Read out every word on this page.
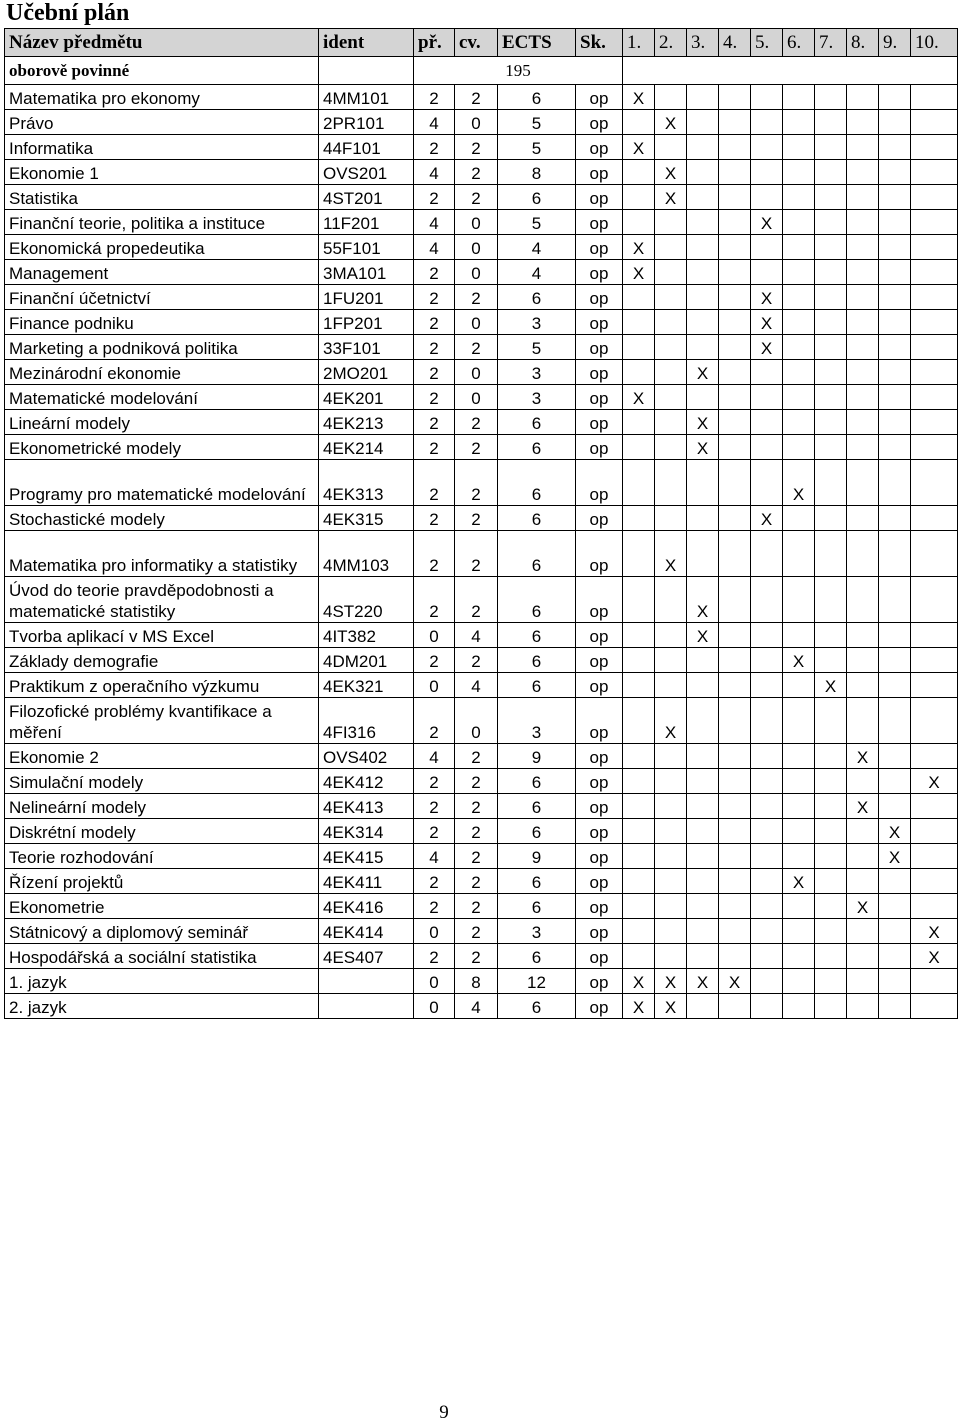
Učební plán
Název předmětu	ident	př.	cv.	ECTS	Sk.	1.	2.	3.	4.	5.	6.	7.	8.	9.	10.
oborově povinné		195													
Matematika pro ekonomy	4MM101	2	2	6	op	X									
Právo	2PR101	4	0	5	op		X								
Informatika	44F101	2	2	5	op	X									
Ekonomie 1	OVS201	4	2	8	op		X								
Statistika	4ST201	2	2	6	op		X								
Finanční teorie, politika a instituce	11F201	4	0	5	op					X					
Ekonomická propedeutika	55F101	4	0	4	op	X									
Management	3MA101	2	0	4	op	X									
Finanční účetnictví	1FU201	2	2	6	op					X					
Finance podniku	1FP201	2	0	3	op					X					
Marketing a podniková politika	33F101	2	2	5	op					X					
Mezinárodní ekonomie	2MO201	2	0	3	op			X							
Matematické modelování	4EK201	2	0	3	op	X									
Lineární modely	4EK213	2	2	6	op			X							
Ekonometrické modely	4EK214	2	2	6	op			X							
Programy pro matematické modelování	4EK313	2	2	6	op						X				
Stochastické modely	4EK315	2	2	6	op					X					
Matematika pro informatiky a statistiky	4MM103	2	2	6	op		X								
Úvod do teorie pravděpodobnosti a matematické statistiky	4ST220	2	2	6	op			X							
Tvorba aplikací v MS Excel	4IT382	0	4	6	op			X							
Základy demografie	4DM201	2	2	6	op						X				
Praktikum z operačního výzkumu	4EK321	0	4	6	op							X			
Filozofické problémy kvantifikace a měření	4FI316	2	0	3	op		X								
Ekonomie 2	OVS402	4	2	9	op								X		
Simulační modely	4EK412	2	2	6	op										X
Nelineární modely	4EK413	2	2	6	op								X		
Diskrétní modely	4EK314	2	2	6	op									X	
Teorie rozhodování	4EK415	4	2	9	op									X	
Řízení projektů	4EK411	2	2	6	op						X				
Ekonometrie	4EK416	2	2	6	op								X		
Státnicový a diplomový seminář	4EK414	0	2	3	op										X
Hospodářská a sociální statistika	4ES407	2	2	6	op										X
1. jazyk		0	8	12	op	X	X	X	X						
2. jazyk		0	4	6	op	X	X								
9
